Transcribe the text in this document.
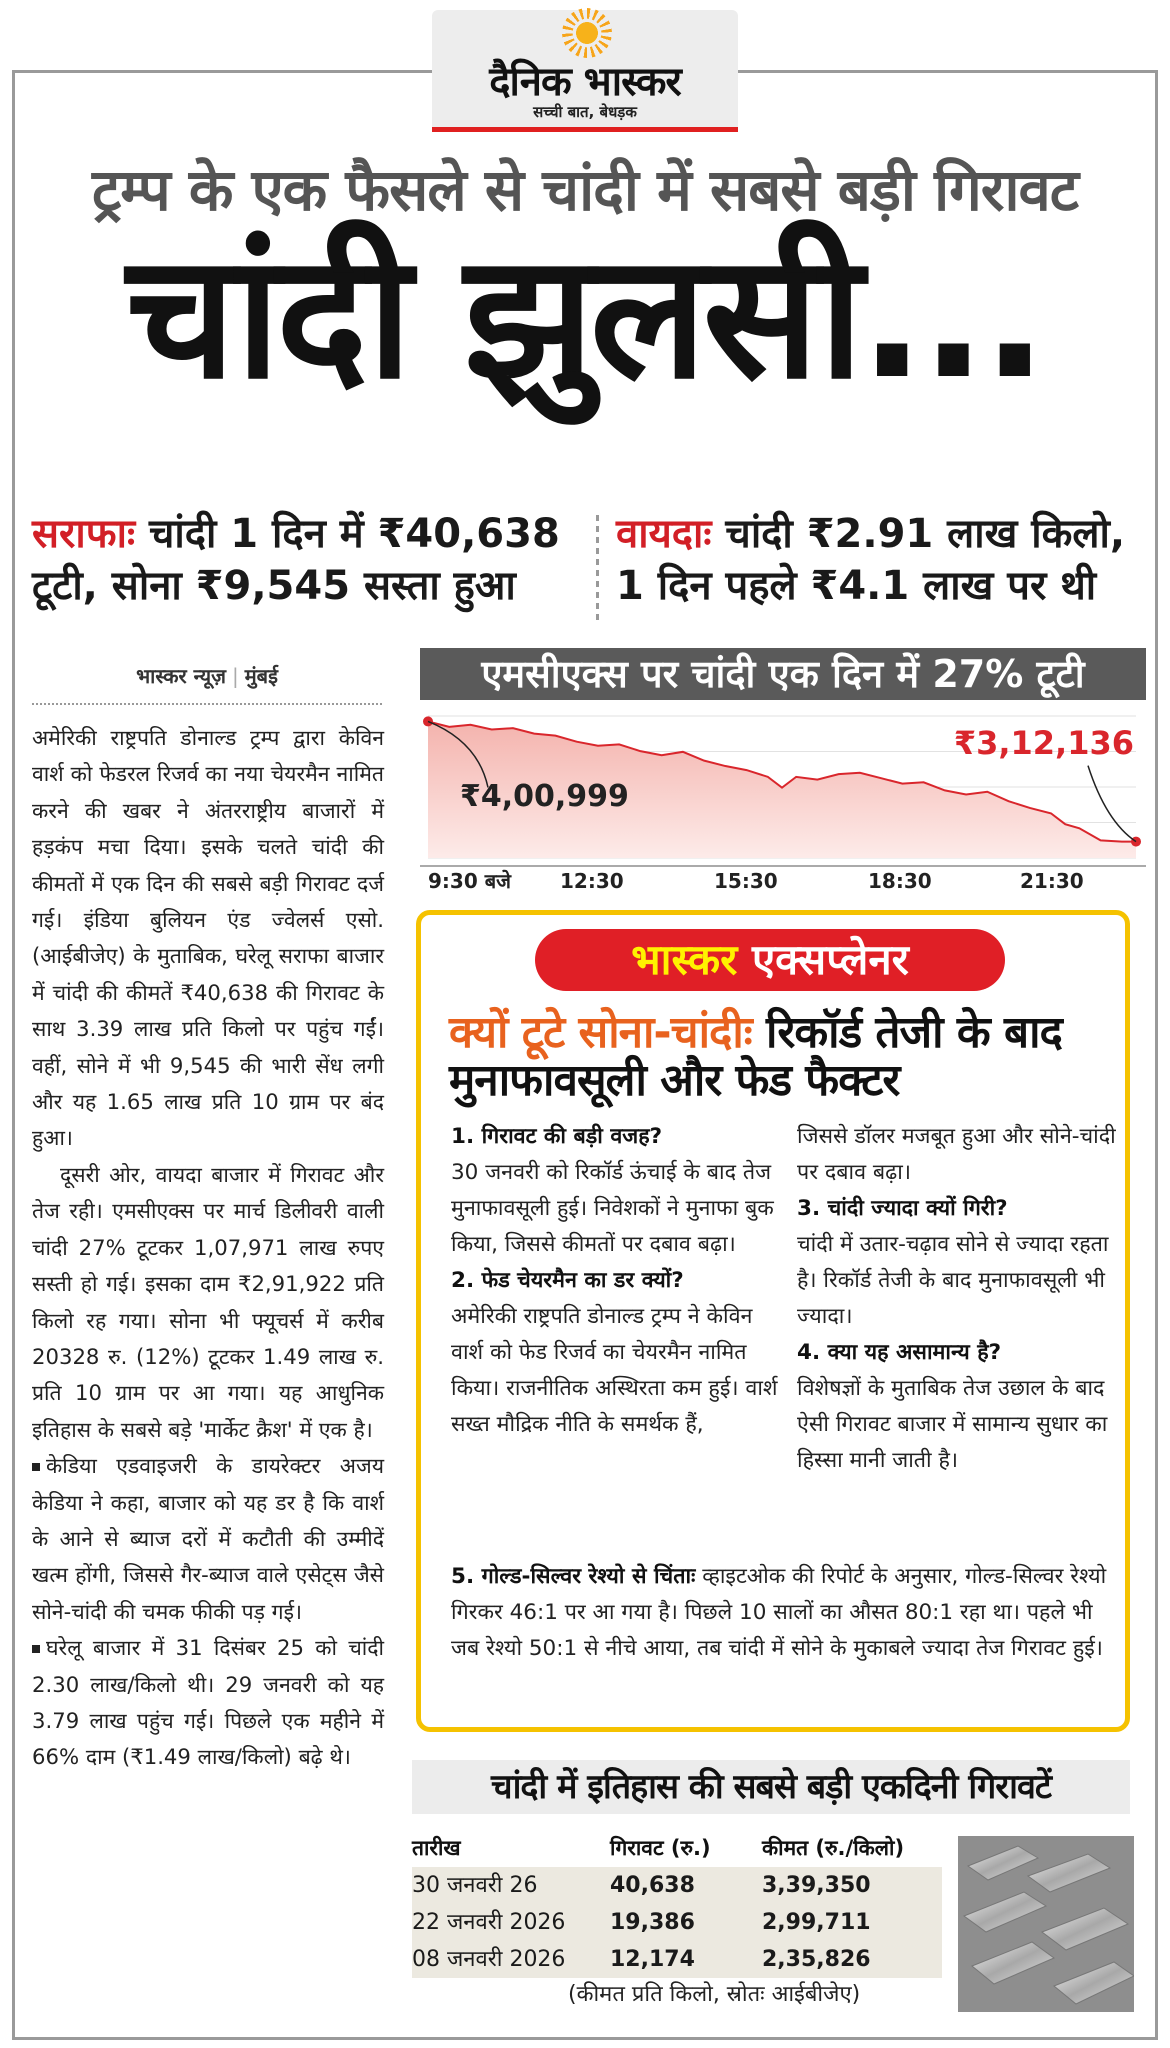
दैनिक भास्कर
सच्ची बात, बेधड़क
ट्रम्प के एक फैसले से चांदी में सबसे बड़ी गिरावट
चांदी झुलसी...
सराफाः चांदी 1 दिन में ₹40,638 टूटी, सोना ₹9,545 सस्ता हुआ
वायदाः चांदी ₹2.91 लाख किलो, 1 दिन पहले ₹4.1 लाख पर थी
भास्कर न्यूज़ | मुंबई

अमेरिकी राष्ट्रपति डोनाल्ड ट्रम्प द्वारा केविन वार्श को फेडरल रिजर्व का नया चेयरमैन नामित करने की खबर ने अंतरराष्ट्रीय बाजारों में हड़कंप मचा दिया। इसके चलते चांदी की कीमतों में एक दिन की सबसे बड़ी गिरावट दर्ज गई। इंडिया बुलियन एंड ज्वेलर्स एसो. (आईबीजेए) के मुताबिक, घरेलू सराफा बाजार में चांदी की कीमतें ₹40,638 की गिरावट के साथ 3.39 लाख प्रति किलो पर पहुंच गईं। वहीं, सोने में भी 9,545 की भारी सेंध लगी और यह 1.65 लाख प्रति 10 ग्राम पर बंद हुआ।

दूसरी ओर, वायदा बाजार में गिरावट और तेज रही। एमसीएक्स पर मार्च डिलीवरी वाली चांदी 27% टूटकर 1,07,971 लाख रुपए सस्ती हो गई। इसका दाम ₹2,91,922 प्रति किलो रह गया। सोना भी फ्यूचर्स में करीब 20328 रु. (12%) टूटकर 1.49 लाख रु. प्रति 10 ग्राम पर आ गया। यह आधुनिक इतिहास के सबसे बड़े 'मार्केट क्रैश' में एक है।

केडिया एडवाइजरी के डायरेक्टर अजय केडिया ने कहा, बाजार को यह डर है कि वार्श के आने से ब्याज दरों में कटौती की उम्मीदें खत्म होंगी, जिससे गैर-ब्याज वाले एसेट्स जैसे सोने-चांदी की चमक फीकी पड़ गई।

घरेलू बाजार में 31 दिसंबर 25 को चांदी 2.30 लाख/किलो थी। 29 जनवरी को यह 3.79 लाख पहुंच गई। पिछले एक महीने में 66% दाम (₹1.49 लाख/किलो) बढ़े थे।

एमसीएक्स पर चांदी एक दिन में 27% टूटी
₹4,00,999
₹3,12,136
9:30 बजे 12:30	15:30	18:30	21:30
भास्कर एक्सप्लेनर
क्यों टूटे सोना-चांदीः रिकॉर्ड तेजी के बाद मुनाफावसूली और फेड फैक्टर
1. गिरावट की बड़ी वजह?
30 जनवरी को रिकॉर्ड ऊंचाई के बाद तेज मुनाफावसूली हुई। निवेशकों ने मुनाफा बुक किया, जिससे कीमतों पर दबाव बढ़ा।
2. फेड चेयरमैन का डर क्यों?
अमेरिकी राष्ट्रपति डोनाल्ड ट्रम्प ने केविन वार्श को फेड रिजर्व का चेयरमैन नामित किया। राजनीतिक अस्थिरता कम हुई। वार्श सख्त मौद्रिक नीति के समर्थक हैं,
जिससे डॉलर मजबूत हुआ और सोने-चांदी पर दबाव बढ़ा।
3. चांदी ज्यादा क्यों गिरी?
चांदी में उतार-चढ़ाव सोने से ज्यादा रहता है। रिकॉर्ड तेजी के बाद मुनाफावसूली भी ज्यादा।
4. क्या यह असामान्य है?
विशेषज्ञों के मुताबिक तेज उछाल के बाद ऐसी गिरावट बाजार में सामान्य सुधार का हिस्सा मानी जाती है।
5. गोल्ड-सिल्वर रेश्यो से चिंताः व्हाइटओक की रिपोर्ट के अनुसार, गोल्ड-सिल्वर रेश्यो गिरकर 46:1 पर आ गया है। पिछले 10 सालों का औसत 80:1 रहा था। पहले भी जब रेश्यो 50:1 से नीचे आया, तब चांदी में सोने के मुकाबले ज्यादा तेज गिरावट हुई।
चांदी में इतिहास की सबसे बड़ी एकदिनी गिरावटें
तारीख	गिरावट (रु.) कीमत (रु./किलो)
30 जनवरी 26	40,638	3,39,350
22 जनवरी 2026 19,386	2,99,711
08 जनवरी 2026 12,174	2,35,826
(कीमत प्रति किलो, स्रोतः आईबीजेए)
